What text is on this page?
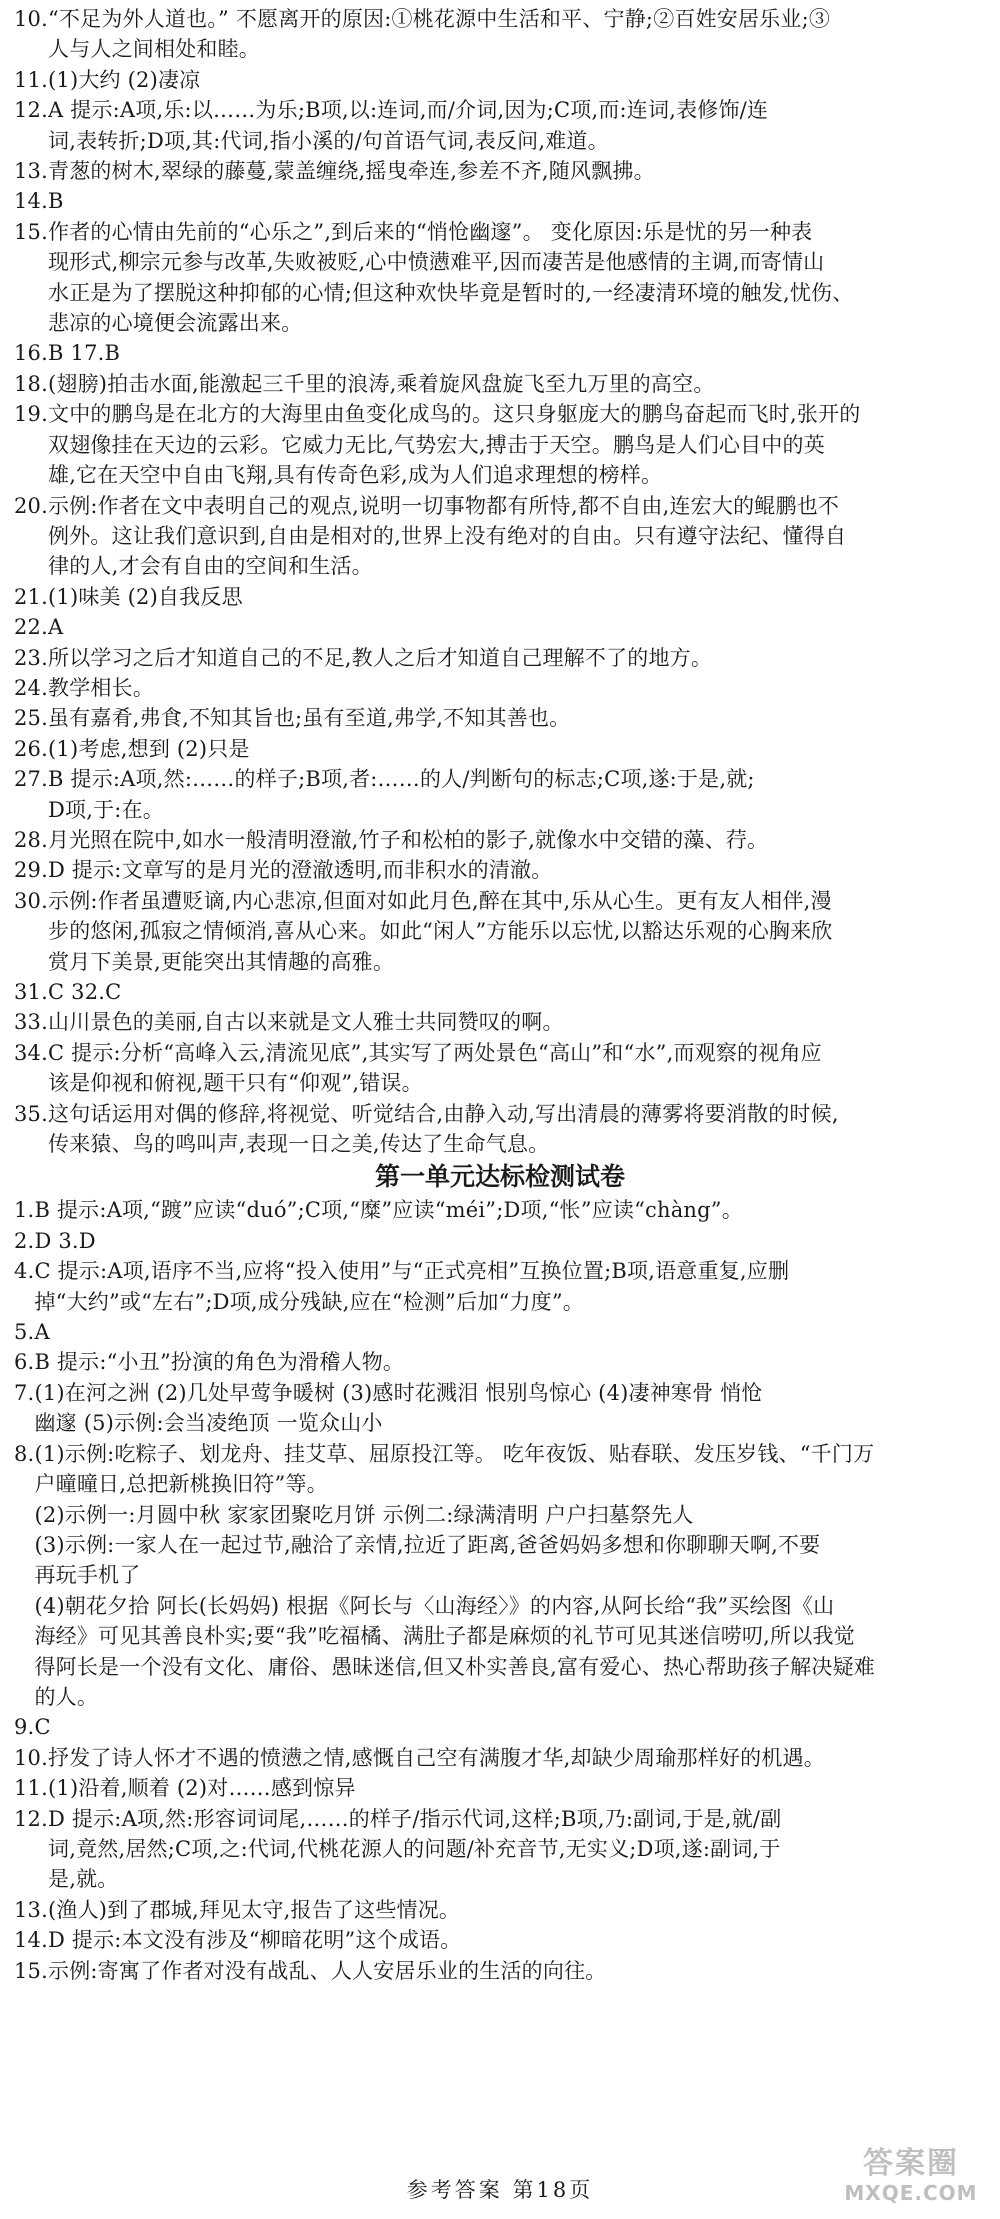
10. “不足为外人道也。” 不愿离开的原因:①桃花源中生活和平、宁静;②百姓安居乐业;③
人与人之间相处和睦。
11. (1)大约 (2)凄凉
12. A 提示:A项,乐:以……为乐;B项,以:连词,而/介词,因为;C项,而:连词,表修饰/连
词,表转折;D项,其:代词,指小溪的/句首语气词,表反问,难道。
13. 青葱的树木,翠绿的藤蔓,蒙盖缠绕,摇曳牵连,参差不齐,随风飘拂。
14. B
15. 作者的心情由先前的“心乐之”,到后来的“悄怆幽邃”。 变化原因:乐是忧的另一种表
现形式,柳宗元参与改革,失败被贬,心中愤懑难平,因而凄苦是他感情的主调,而寄情山
水正是为了摆脱这种抑郁的心情;但这种欢快毕竟是暂时的,一经凄清环境的触发,忧伤、
悲凉的心境便会流露出来。
16. B 17.B
18. (翅膀)拍击水面,能激起三千里的浪涛,乘着旋风盘旋飞至九万里的高空。
19. 文中的鹏鸟是在北方的大海里由鱼变化成鸟的。这只身躯庞大的鹏鸟奋起而飞时,张开的
双翅像挂在天边的云彩。它威力无比,气势宏大,搏击于天空。鹏鸟是人们心目中的英
雄,它在天空中自由飞翔,具有传奇色彩,成为人们追求理想的榜样。
20. 示例:作者在文中表明自己的观点,说明一切事物都有所恃,都不自由,连宏大的鲲鹏也不
例外。这让我们意识到,自由是相对的,世界上没有绝对的自由。只有遵守法纪、懂得自
律的人,才会有自由的空间和生活。
21. (1)味美 (2)自我反思
22. A
23. 所以学习之后才知道自己的不足,教人之后才知道自己理解不了的地方。
24. 教学相长。
25. 虽有嘉肴,弗食,不知其旨也;虽有至道,弗学,不知其善也。
26. (1)考虑,想到 (2)只是
27. B 提示:A项,然:……的样子;B项,者:……的人/判断句的标志;C项,遂:于是,就;
D项,于:在。
28. 月光照在院中,如水一般清明澄澈,竹子和松柏的影子,就像水中交错的藻、荇。
29. D 提示:文章写的是月光的澄澈透明,而非积水的清澈。
30. 示例:作者虽遭贬谪,内心悲凉,但面对如此月色,醉在其中,乐从心生。更有友人相伴,漫
步的悠闲,孤寂之情倾消,喜从心来。如此“闲人”方能乐以忘忧,以豁达乐观的心胸来欣
赏月下美景,更能突出其情趣的高雅。
31. C 32.C
33. 山川景色的美丽,自古以来就是文人雅士共同赞叹的啊。
34. C 提示:分析“高峰入云,清流见底”,其实写了两处景色“高山”和“水”,而观察的视角应
该是仰视和俯视,题干只有“仰观”,错误。
35. 这句话运用对偶的修辞,将视觉、听觉结合,由静入动,写出清晨的薄雾将要消散的时候,
传来猿、鸟的鸣叫声,表现一日之美,传达了生命气息。
第一单元达标检测试卷
1. B 提示:A项,“踱”应读“duó”;C项,“糜”应读“méi”;D项,“怅”应读“chàng”。
2. D 3.D
4. C 提示:A项,语序不当,应将“投入使用”与“正式亮相”互换位置;B项,语意重复,应删
掉“大约”或“左右”;D项,成分残缺,应在“检测”后加“力度”。
5. A
6. B 提示:“小丑”扮演的角色为滑稽人物。
7. (1)在河之洲 (2)几处早莺争暖树 (3)感时花溅泪 恨别鸟惊心 (4)凄神寒骨 悄怆
幽邃 (5)示例:会当凌绝顶 一览众山小
8. (1)示例:吃粽子、划龙舟、挂艾草、屈原投江等。 吃年夜饭、贴春联、发压岁钱、“千门万
户曈曈日,总把新桃换旧符”等。
(2)示例一:月圆中秋 家家团聚吃月饼 示例二:绿满清明 户户扫墓祭先人
(3)示例:一家人在一起过节,融洽了亲情,拉近了距离,爸爸妈妈多想和你聊聊天啊,不要
再玩手机了
(4)朝花夕拾 阿长(长妈妈) 根据《阿长与〈山海经〉》的内容,从阿长给“我”买绘图《山
海经》可见其善良朴实;要“我”吃福橘、满肚子都是麻烦的礼节可见其迷信唠叨,所以我觉
得阿长是一个没有文化、庸俗、愚昧迷信,但又朴实善良,富有爱心、热心帮助孩子解决疑难
的人。
9. C
10. 抒发了诗人怀才不遇的愤懑之情,感慨自己空有满腹才华,却缺少周瑜那样好的机遇。
11. (1)沿着,顺着 (2)对……感到惊异
12. D 提示:A项,然:形容词词尾,……的样子/指示代词,这样;B项,乃:副词,于是,就/副
词,竟然,居然;C项,之:代词,代桃花源人的问题/补充音节,无实义;D项,遂:副词,于
是,就。
13. (渔人)到了郡城,拜见太守,报告了这些情况。
14. D 提示:本文没有涉及“柳暗花明”这个成语。
15. 示例:寄寓了作者对没有战乱、人人安居乐业的生活的向往。
参考答案 第18页
答案圈
MXQE.COM
